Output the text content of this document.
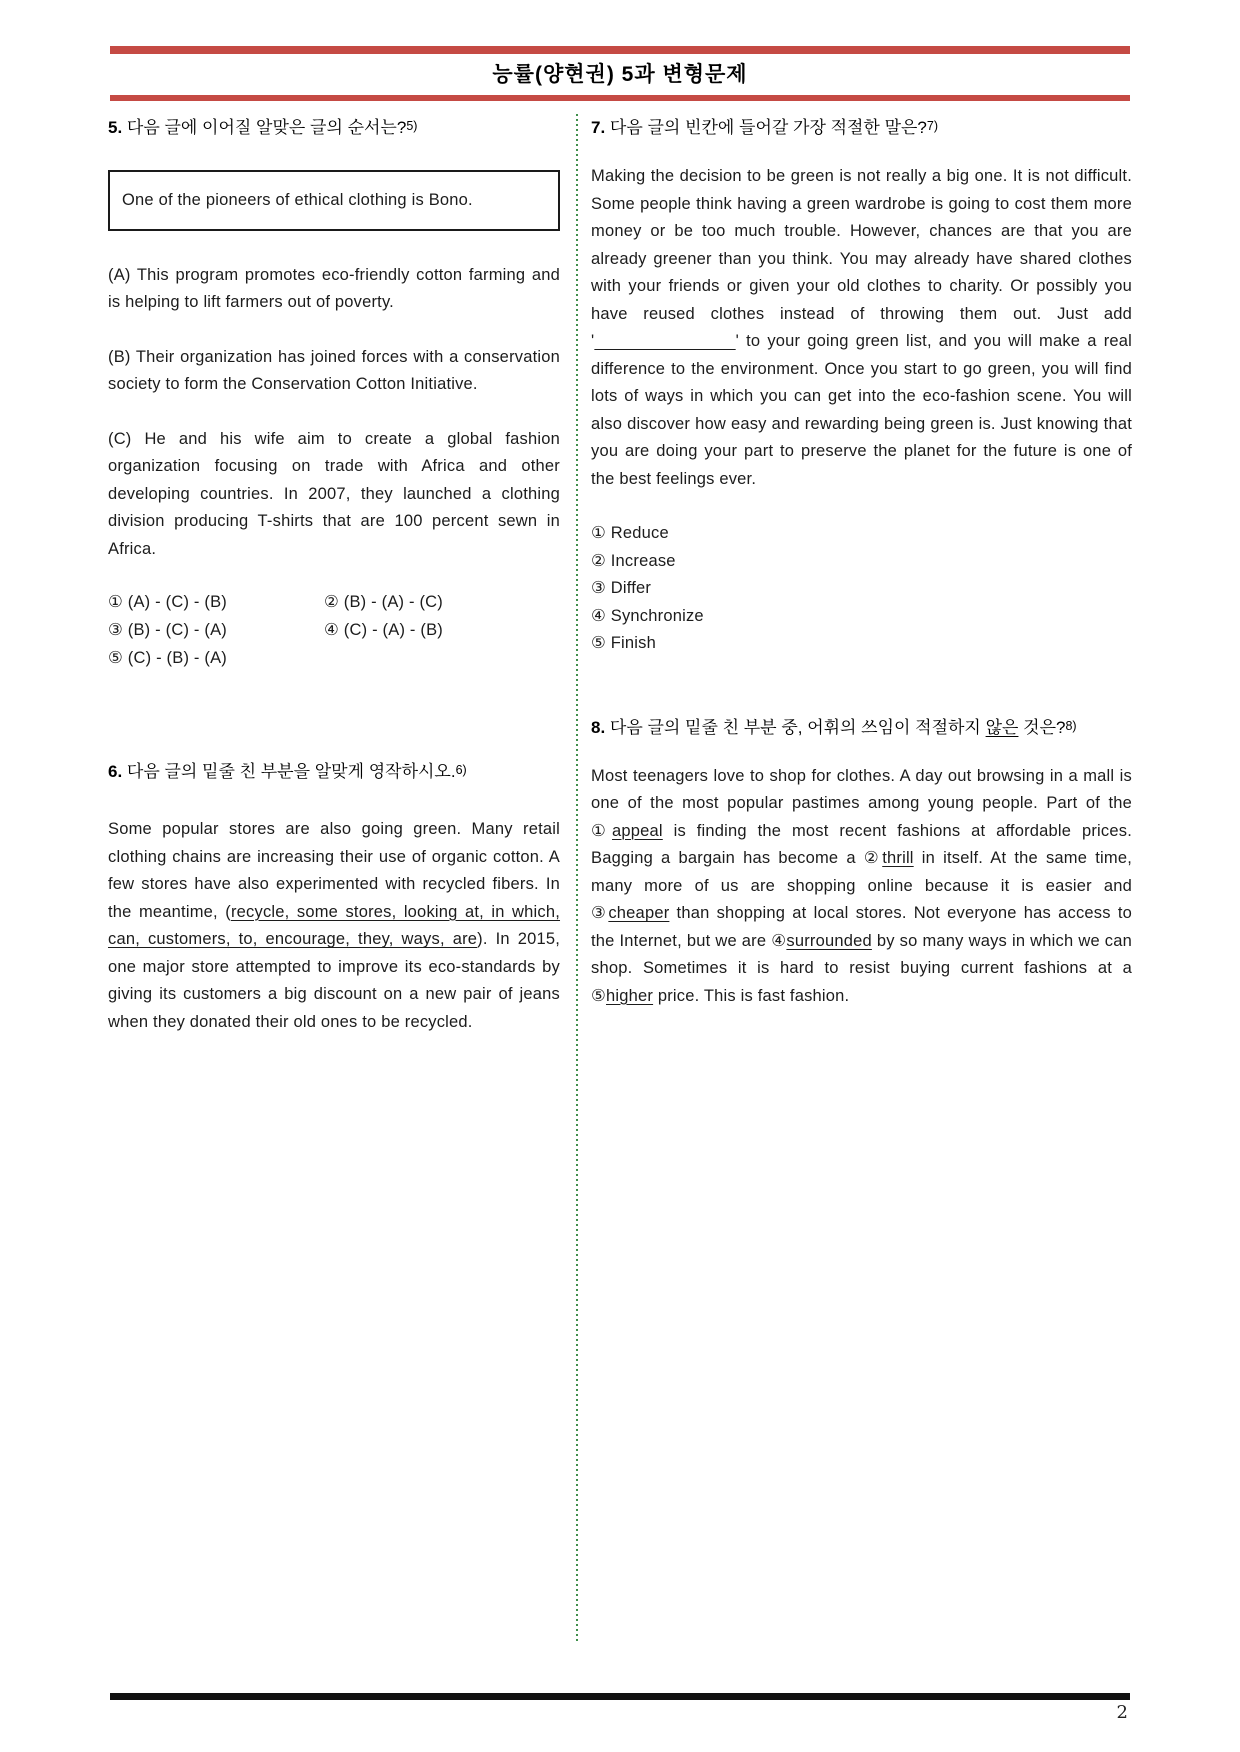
능률(양현권) 5과 변형문제
5. 다음 글에 이어질 알맞은 글의 순서는?5)
One of the pioneers of ethical clothing is Bono.
(A) This program promotes eco-friendly cotton farming and is helping to lift farmers out of poverty.
(B) Their organization has joined forces with a conservation society to form the Conservation Cotton Initiative.
(C) He and his wife aim to create a global fashion organization focusing on trade with Africa and other developing countries. In 2007, they launched a clothing division producing T-shirts that are 100 percent sewn in Africa.
① (A) - (C) - (B)	② (B) - (A) - (C)
③ (B) - (C) - (A)	④ (C) - (A) - (B)
⑤ (C) - (B) - (A)
6. 다음 글의 밑줄 친 부분을 알맞게 영작하시오.6)
Some popular stores are also going green. Many retail clothing chains are increasing their use of organic cotton. A few stores have also experimented with recycled fibers. In the meantime, (recycle, some stores, looking at, in which, can, customers, to, encourage, they, ways, are). In 2015, one major store attempted to improve its eco-standards by giving its customers a big discount on a new pair of jeans when they donated their old ones to be recycled.
7. 다음 글의 빈칸에 들어갈 가장 적절한 말은?7)
Making the decision to be green is not really a big one. It is not difficult. Some people think having a green wardrobe is going to cost them more money or be too much trouble. However, chances are that you are already greener than you think. You may already have shared clothes with your friends or given your old clothes to charity. Or possibly you have reused clothes instead of throwing them out. Just add '	' to your going green list, and you will make a real difference to the environment. Once you start to go green, you will find lots of ways in which you can get into the eco-fashion scene. You will also discover how easy and rewarding being green is. Just knowing that you are doing your part to preserve the planet for the future is one of the best feelings ever.
① Reduce
② Increase
③ Differ
④ Synchronize
⑤ Finish
8. 다음 글의 밑줄 친 부분 중, 어휘의 쓰임이 적절하지 않은 것은?8)
Most teenagers love to shop for clothes. A day out browsing in a mall is one of the most popular pastimes among young people. Part of the ①appeal is finding the most recent fashions at affordable prices. Bagging a bargain has become a ②thrill in itself. At the same time, many more of us are shopping online because it is easier and ③cheaper than shopping at local stores. Not everyone has access to the Internet, but we are ④surrounded by so many ways in which we can shop. Sometimes it is hard to resist buying current fashions at a ⑤higher price. This is fast fashion.
2
